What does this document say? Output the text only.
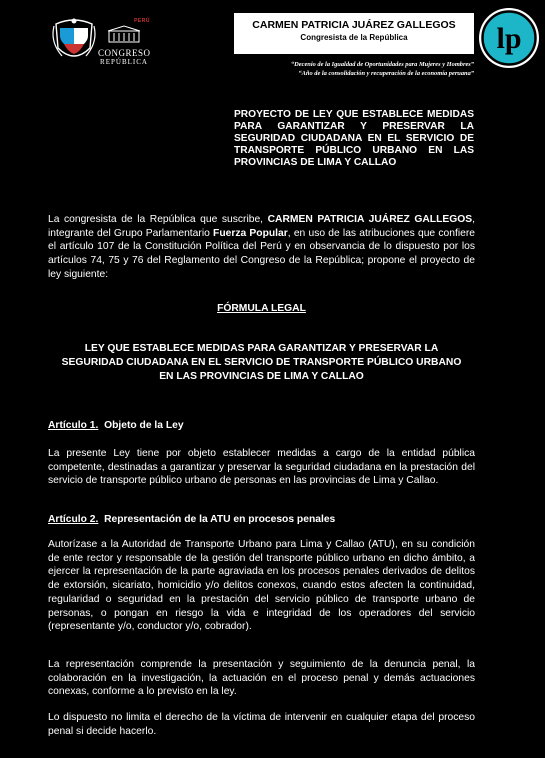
PERÚ
CONGRESO
REPÚBLICA
CARMEN PATRICIA JUÁREZ GALLEGOS
Congresista de la República
“Decenio de la Igualdad de Oportunidades para Mujeres y Hombres”
“Año de la consolidación y recuperación de la economía peruana”
lp
PROYECTO DE LEY QUE ESTABLECE MEDIDAS PARA GARANTIZAR Y PRESERVAR LA SEGURIDAD CIUDADANA EN EL SERVICIO DE TRANSPORTE PÚBLICO URBANO EN LAS PROVINCIAS DE LIMA Y CALLAO
La congresista de la República que suscribe, CARMEN PATRICIA JUÁREZ GALLEGOS, integrante del Grupo Parlamentario Fuerza Popular, en uso de las atribuciones que confiere el artículo 107 de la Constitución Política del Perú y en observancia de lo dispuesto por los artículos 74, 75 y 76 del Reglamento del Congreso de la República; propone el proyecto de ley siguiente:
FÓRMULA LEGAL
LEY QUE ESTABLECE MEDIDAS PARA GARANTIZAR Y PRESERVAR LA SEGURIDAD CIUDADANA EN EL SERVICIO DE TRANSPORTE PÚBLICO URBANO EN LAS PROVINCIAS DE LIMA Y CALLAO
Artículo 1. Objeto de la Ley
La presente Ley tiene por objeto establecer medidas a cargo de la entidad pública competente, destinadas a garantizar y preservar la seguridad ciudadana en la prestación del servicio de transporte público urbano de personas en las provincias de Lima y Callao.
Artículo 2. Representación de la ATU en procesos penales
Autorízase a la Autoridad de Transporte Urbano para Lima y Callao (ATU), en su condición de ente rector y responsable de la gestión del transporte público urbano en dicho ámbito, a ejercer la representación de la parte agraviada en los procesos penales derivados de delitos de extorsión, sicariato, homicidio y/o delitos conexos, cuando estos afecten la continuidad, regularidad o seguridad en la prestación del servicio público de transporte urbano de personas, o pongan en riesgo la vida e integridad de los operadores del servicio (representante y/o, conductor y/o, cobrador).
La representación comprende la presentación y seguimiento de la denuncia penal, la colaboración en la investigación, la actuación en el proceso penal y demás actuaciones conexas, conforme a lo previsto en la ley.
Lo dispuesto no limita el derecho de la víctima de intervenir en cualquier etapa del proceso penal si decide hacerlo.
